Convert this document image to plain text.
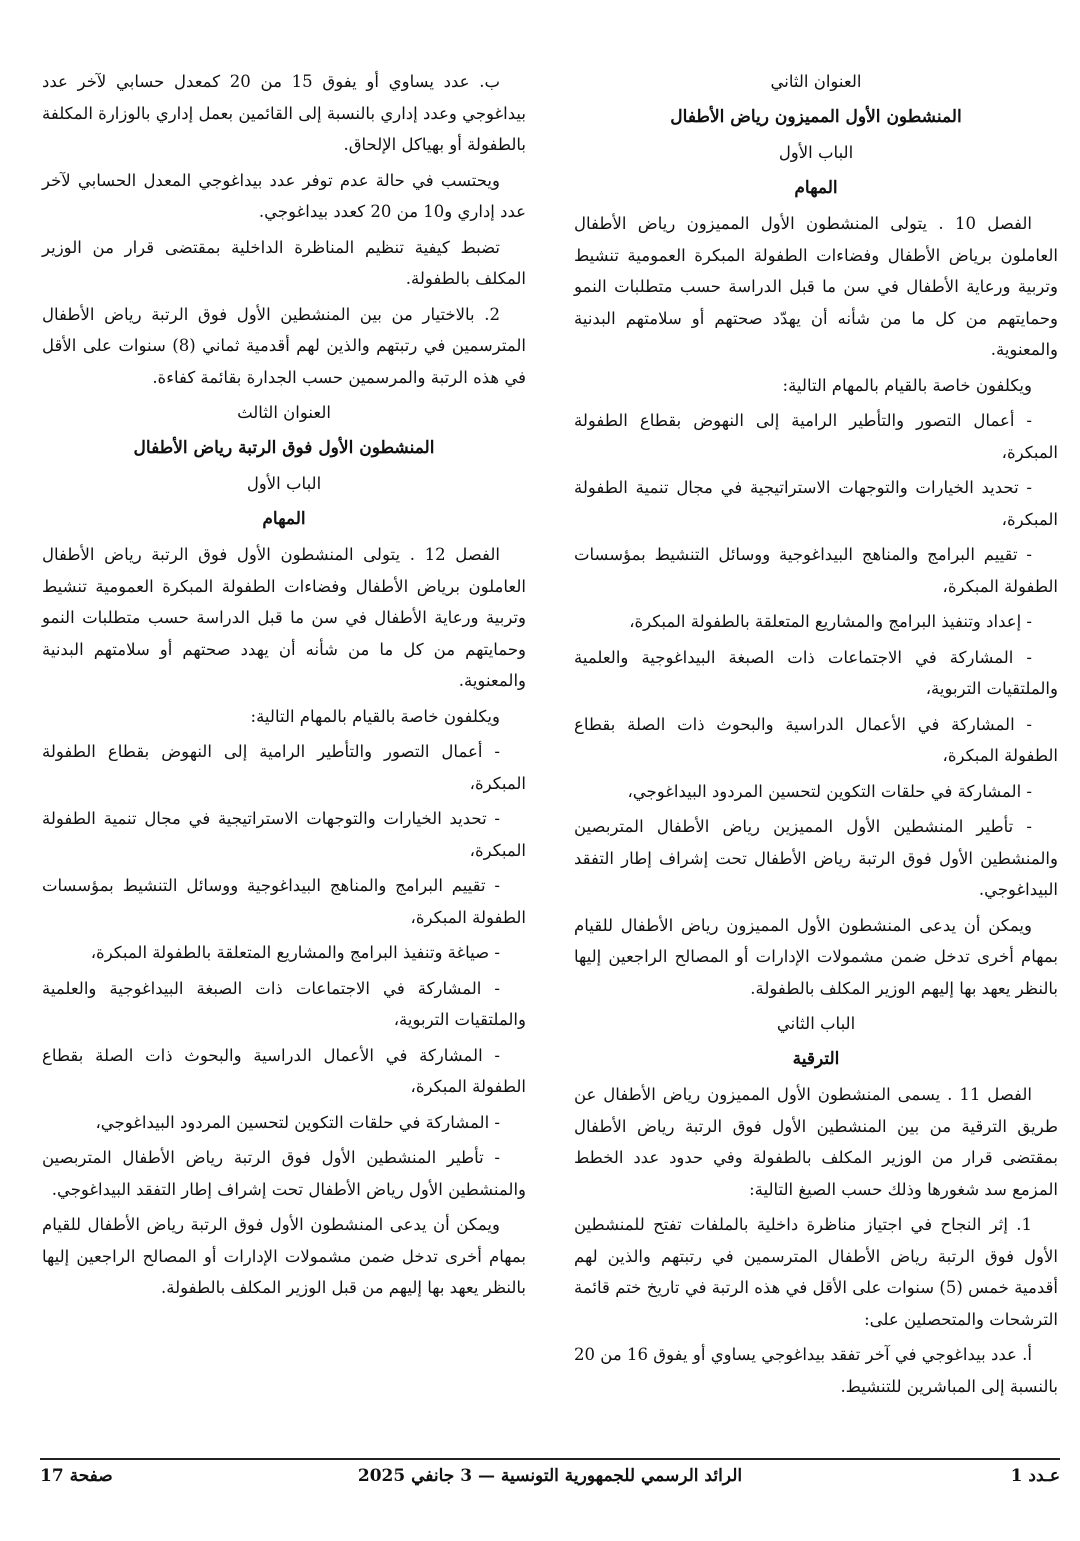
العنوان الثاني

المنشطون الأول المميزون رياض الأطفال

الباب الأول

المهام

الفصل 10 . يتولى المنشطون الأول المميزون رياض الأطفال العاملون برياض الأطفال وفضاءات الطفولة المبكرة العمومية تنشيط وتربية ورعاية الأطفال في سن ما قبل الدراسة حسب متطلبات النمو وحمايتهم من كل ما من شأنه أن يهدّد صحتهم أو سلامتهم البدنية والمعنوية.

ويكلفون خاصة بالقيام بالمهام التالية:

- أعمال التصور والتأطير الرامية إلى النهوض بقطاع الطفولة المبكرة،

- تحديد الخيارات والتوجهات الاستراتيجية في مجال تنمية الطفولة المبكرة،

- تقييم البرامج والمناهج البيداغوجية ووسائل التنشيط بمؤسسات الطفولة المبكرة،

- إعداد وتنفيذ البرامج والمشاريع المتعلقة بالطفولة المبكرة،

- المشاركة في الاجتماعات ذات الصبغة البيداغوجية والعلمية والملتقيات التربوية،

- المشاركة في الأعمال الدراسية والبحوث ذات الصلة بقطاع الطفولة المبكرة،

- المشاركة في حلقات التكوين لتحسين المردود البيداغوجي،

- تأطير المنشطين الأول المميزين رياض الأطفال المتربصين والمنشطين الأول فوق الرتبة رياض الأطفال تحت إشراف إطار التفقد البيداغوجي.

ويمكن أن يدعى المنشطون الأول المميزون رياض الأطفال للقيام بمهام أخرى تدخل ضمن مشمولات الإدارات أو المصالح الراجعين إليها بالنظر يعهد بها إليهم الوزير المكلف بالطفولة.

الباب الثاني

الترقية

الفصل 11 . يسمى المنشطون الأول المميزون رياض الأطفال عن طريق الترقية من بين المنشطين الأول فوق الرتبة رياض الأطفال بمقتضى قرار من الوزير المكلف بالطفولة وفي حدود عدد الخطط المزمع سد شغورها وذلك حسب الصيغ التالية:

1. إثر النجاح في اجتياز مناظرة داخلية بالملفات تفتح للمنشطين الأول فوق الرتبة رياض الأطفال المترسمين في رتبتهم والذين لهم أقدمية خمس (5) سنوات على الأقل في هذه الرتبة في تاريخ ختم قائمة الترشحات والمتحصلين على:

أ. عدد بيداغوجي في آخر تفقد بيداغوجي يساوي أو يفوق 16 من 20 بالنسبة إلى المباشرين للتنشيط.

ب. عدد يساوي أو يفوق 15 من 20 كمعدل حسابي لآخر عدد بيداغوجي وعدد إداري بالنسبة إلى القائمين بعمل إداري بالوزارة المكلفة بالطفولة أو بهياكل الإلحاق.

ويحتسب في حالة عدم توفر عدد بيداغوجي المعدل الحسابي لآخر عدد إداري و10 من 20 كعدد بيداغوجي.

تضبط كيفية تنظيم المناظرة الداخلية بمقتضى قرار من الوزير المكلف بالطفولة.

2. بالاختيار من بين المنشطين الأول فوق الرتبة رياض الأطفال المترسمين في رتبتهم والذين لهم أقدمية ثماني (8) سنوات على الأقل في هذه الرتبة والمرسمين حسب الجدارة بقائمة كفاءة.

العنوان الثالث

المنشطون الأول فوق الرتبة رياض الأطفال

الباب الأول

المهام

الفصل 12 . يتولى المنشطون الأول فوق الرتبة رياض الأطفال العاملون برياض الأطفال وفضاءات الطفولة المبكرة العمومية تنشيط وتربية ورعاية الأطفال في سن ما قبل الدراسة حسب متطلبات النمو وحمايتهم من كل ما من شأنه أن يهدد صحتهم أو سلامتهم البدنية والمعنوية.

ويكلفون خاصة بالقيام بالمهام التالية:

- أعمال التصور والتأطير الرامية إلى النهوض بقطاع الطفولة المبكرة،

- تحديد الخيارات والتوجهات الاستراتيجية في مجال تنمية الطفولة المبكرة،

- تقييم البرامج والمناهج البيداغوجية ووسائل التنشيط بمؤسسات الطفولة المبكرة،

- صياغة وتنفيذ البرامج والمشاريع المتعلقة بالطفولة المبكرة،

- المشاركة في الاجتماعات ذات الصبغة البيداغوجية والعلمية والملتقيات التربوية،

- المشاركة في الأعمال الدراسية والبحوث ذات الصلة بقطاع الطفولة المبكرة،

- المشاركة في حلقات التكوين لتحسين المردود البيداغوجي،

- تأطير المنشطين الأول فوق الرتبة رياض الأطفال المتربصين والمنشطين الأول رياض الأطفال تحت إشراف إطار التفقد البيداغوجي.

ويمكن أن يدعى المنشطون الأول فوق الرتبة رياض الأطفال للقيام بمهام أخرى تدخل ضمن مشمولات الإدارات أو المصالح الراجعين إليها بالنظر يعهد بها إليهم من قبل الوزير المكلف بالطفولة.

عـدد 1
الرائد الرسمي للجمهورية التونسية — 3 جانفي 2025
صفحة 17
